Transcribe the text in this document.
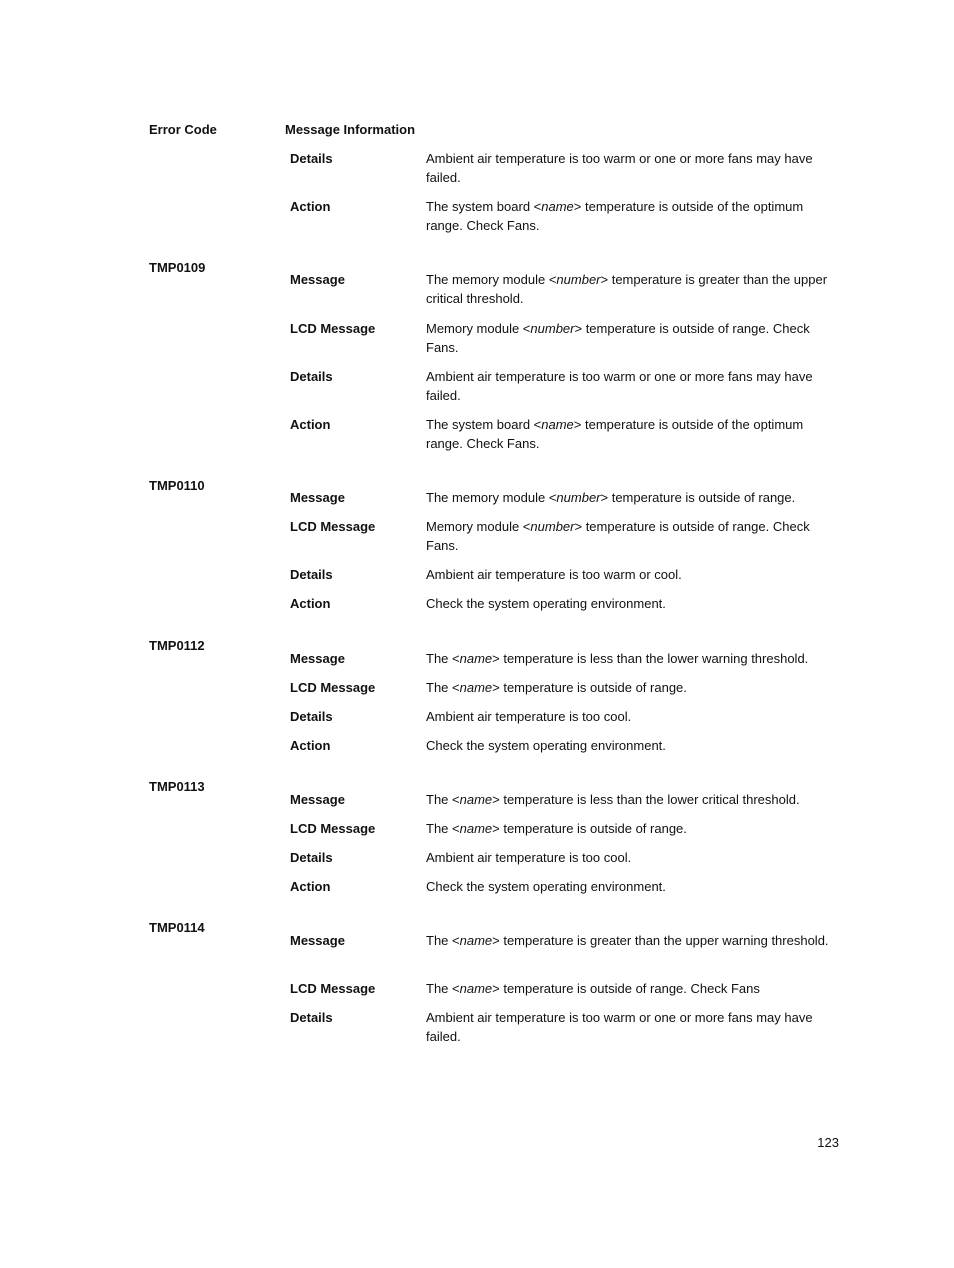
Error Code	Message Information
Details	Ambient air temperature is too warm or one or more fans may have failed.
Action	The system board <name> temperature is outside of the optimum range. Check Fans.
TMP0109
Message	The memory module <number> temperature is greater than the upper critical threshold.
LCD Message	Memory module <number> temperature is outside of range. Check Fans.
Details	Ambient air temperature is too warm or one or more fans may have failed.
Action	The system board <name> temperature is outside of the optimum range. Check Fans.
TMP0110
Message	The memory module <number> temperature is outside of range.
LCD Message	Memory module <number> temperature is outside of range. Check Fans.
Details	Ambient air temperature is too warm or cool.
Action	Check the system operating environment.
TMP0112
Message	The <name> temperature is less than the lower warning threshold.
LCD Message	The <name> temperature is outside of range.
Details	Ambient air temperature is too cool.
Action	Check the system operating environment.
TMP0113
Message	The <name> temperature is less than the lower critical threshold.
LCD Message	The <name> temperature is outside of range.
Details	Ambient air temperature is too cool.
Action	Check the system operating environment.
TMP0114
Message	The <name> temperature is greater than the upper warning threshold.
LCD Message	The <name> temperature is outside of range. Check Fans
Details	Ambient air temperature is too warm or one or more fans may have failed.
123
